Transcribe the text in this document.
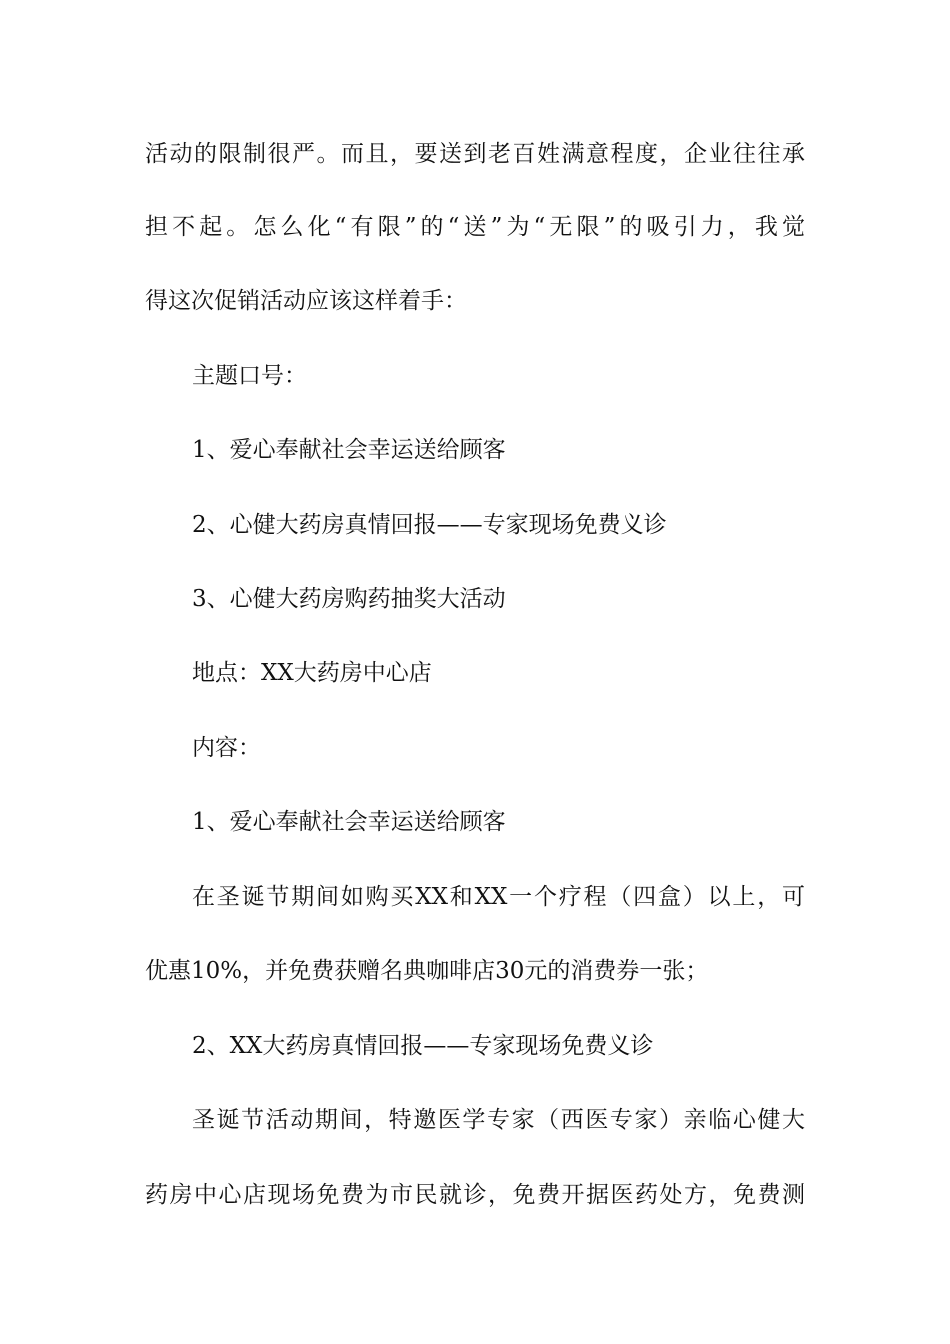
活动的限制很严。而且，要送到老百姓满意程度，企业往往承
担不起。怎么化“有限”的“送”为“无限”的吸引力，我觉
得这次促销活动应该这样着手：
主题口号：
1、爱心奉献社会幸运送给顾客
2、心健大药房真情回报——专家现场免费义诊
3、心健大药房购药抽奖大活动
地点：XX大药房中心店
内容：
1、爱心奉献社会幸运送给顾客
在圣诞节期间如购买XX和XX一个疗程（四盒）以上，可
优惠10%，并免费获赠名典咖啡店30元的消费券一张；
2、XX大药房真情回报——专家现场免费义诊
圣诞节活动期间，特邀医学专家（西医专家）亲临心健大
药房中心店现场免费为市民就诊，免费开据医药处方，免费测
